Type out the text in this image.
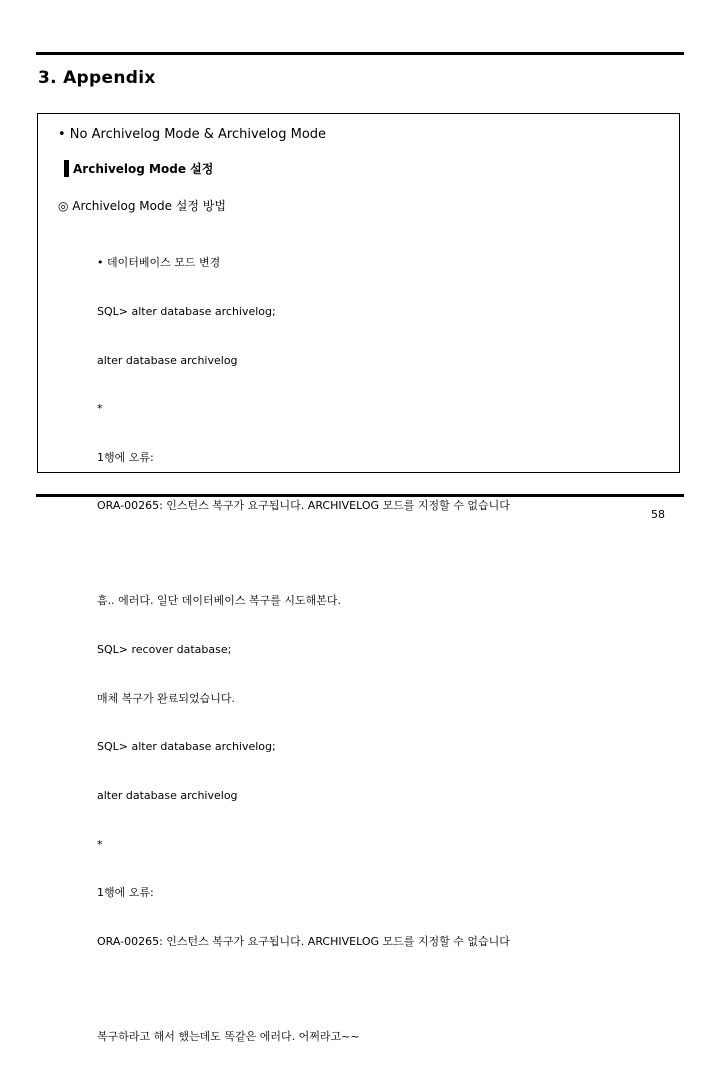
3. Appendix
• No Archivelog Mode & Archivelog Mode
Archivelog Mode 설정
◎ Archivelog Mode 설정 방법

• 데이터베이스 모드 변경

SQL> alter database archivelog;

alter database archivelog

*

1행에 오류:

ORA-00265: 인스턴스 복구가 요구됩니다. ARCHIVELOG 모드를 지정할 수 없습니다

흠.. 에러다. 일단 데이터베이스 복구를 시도해본다.

SQL> recover database;

매체 복구가 완료되었습니다.

SQL> alter database archivelog;

alter database archivelog

*

1행에 오류:

ORA-00265: 인스턴스 복구가 요구됩니다. ARCHIVELOG 모드를 지정할 수 없습니다

복구하라고 해서 했는데도 똑같은 에러다. 어쩌라고~~

58
